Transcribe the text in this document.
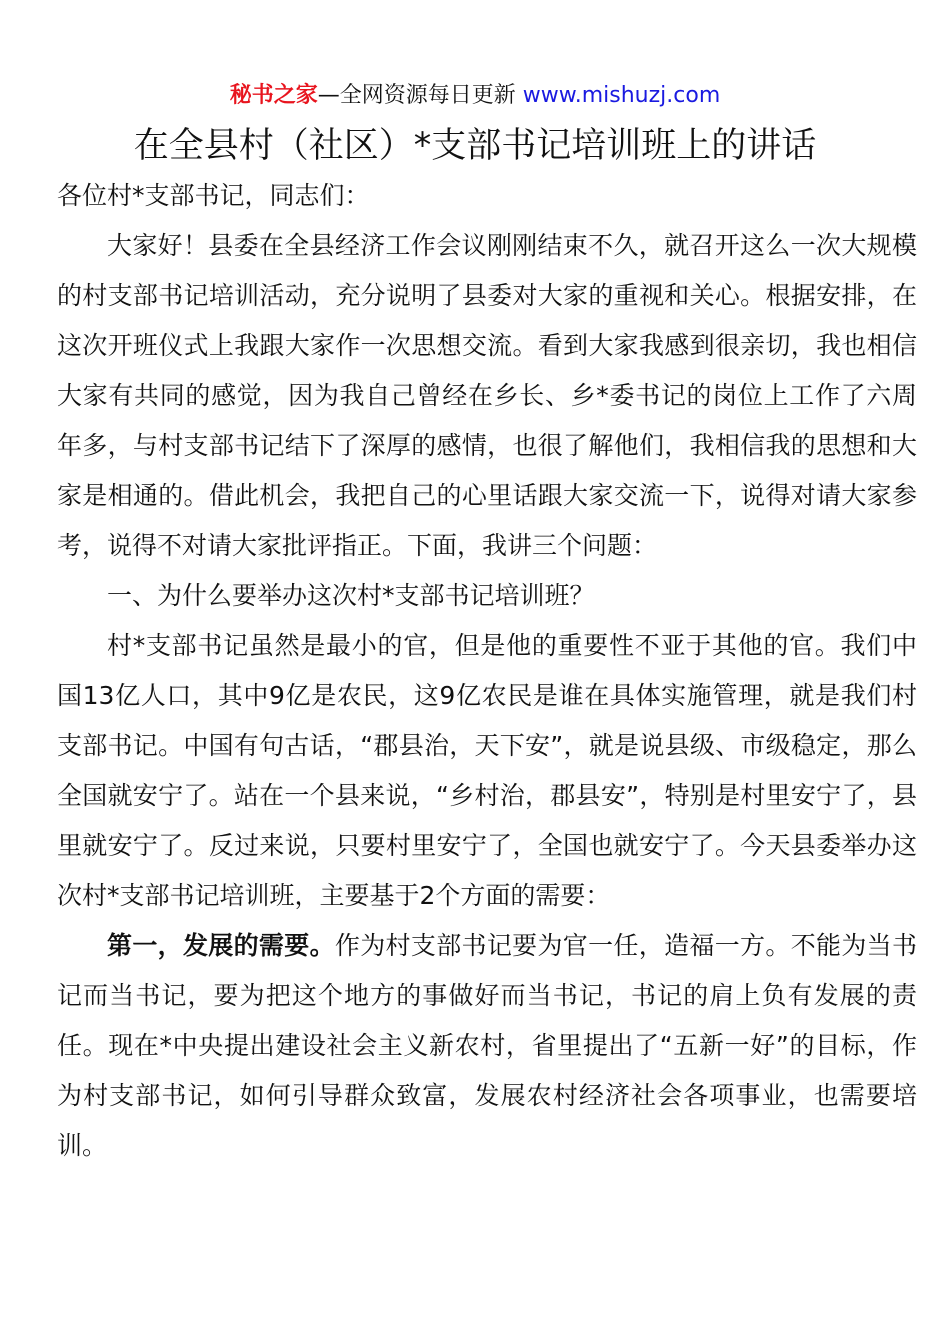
秘书之家—全网资源每日更新 www.mishuzj.com
在全县村（社区）*支部书记培训班上的讲话

各位村*支部书记，同志们：

大家好！县委在全县经济工作会议刚刚结束不久，就召开这么一次大规模的村支部书记培训活动，充分说明了县委对大家的重视和关心。根据安排，在这次开班仪式上我跟大家作一次思想交流。看到大家我感到很亲切，我也相信大家有共同的感觉，因为我自己曾经在乡长、乡*委书记的岗位上工作了六周年多，与村支部书记结下了深厚的感情，也很了解他们，我相信我的思想和大家是相通的。借此机会，我把自己的心里话跟大家交流一下，说得对请大家参考，说得不对请大家批评指正。下面，我讲三个问题：

一、为什么要举办这次村*支部书记培训班？

村*支部书记虽然是最小的官，但是他的重要性不亚于其他的官。我们中国13亿人口，其中9亿是农民，这9亿农民是谁在具体实施管理，就是我们村支部书记。中国有句古话，“郡县治，天下安”，就是说县级、市级稳定，那么全国就安宁了。站在一个县来说，“乡村治，郡县安”，特别是村里安宁了，县里就安宁了。反过来说，只要村里安宁了，全国也就安宁了。今天县委举办这次村*支部书记培训班，主要基于2个方面的需要：

第一，发展的需要。作为村支部书记要为官一任，造福一方。不能为当书记而当书记，要为把这个地方的事做好而当书记，书记的肩上负有发展的责任。现在*中央提出建设社会主义新农村，省里提出了“五新一好”的目标，作为村支部书记，如何引导群众致富，发展农村经济社会各项事业，也需要培训。
